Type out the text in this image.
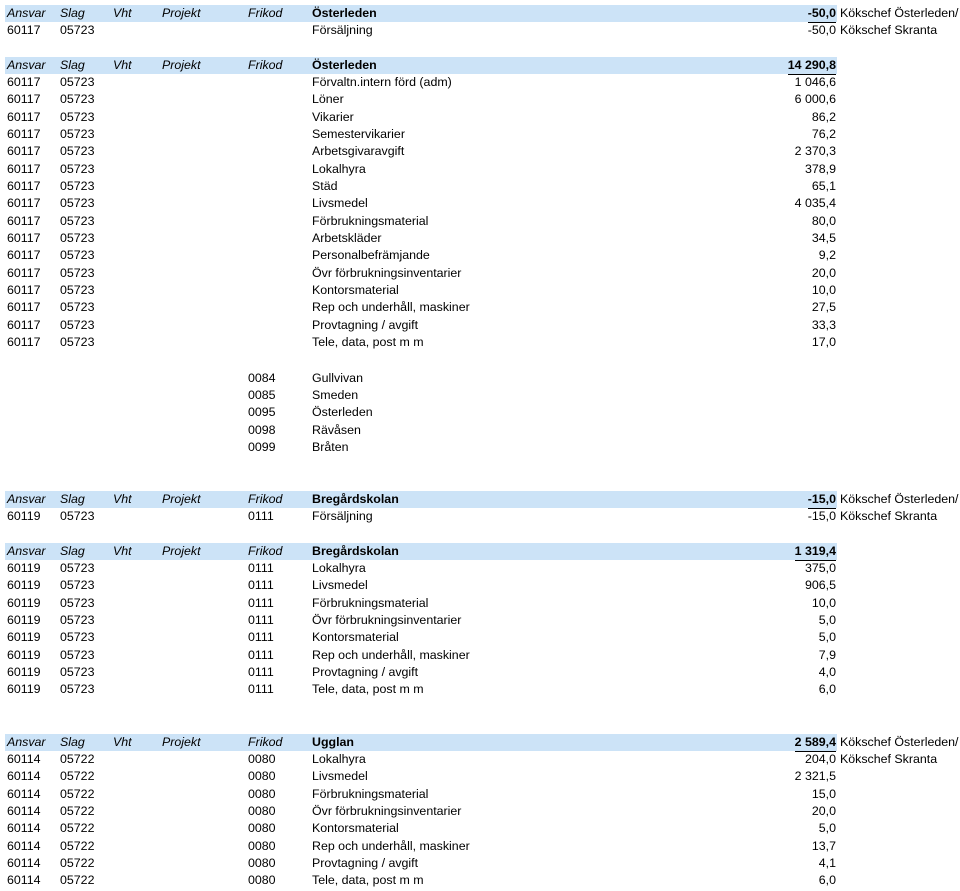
Ansvar Slag Vht Projekt	Frikod Österleden	-50,0 Kökschef Österleden/
60117 05723	Försäljning	-50,0 Kökschef Skranta
Ansvar Slag Vht Projekt	Frikod Österleden	14 290,8
60117 05723	Förvaltn.intern förd (adm)	1 046,6
60117 05723	Löner	6 000,6
60117 05723	Vikarier	86,2
60117 05723	Semestervikarier	76,2
60117 05723	Arbetsgivaravgift	2 370,3
60117 05723	Lokalhyra	378,9
60117 05723	Städ	65,1
60117 05723	Livsmedel	4 035,4
60117 05723	Förbrukningsmaterial	80,0
60117 05723	Arbetskläder	34,5
60117 05723	Personalbefrämjande	9,2
60117 05723	Övr förbrukningsinventarier	20,0
60117 05723	Kontorsmaterial	10,0
60117 05723	Rep och underhåll, maskiner	27,5
60117 05723	Provtagning / avgift	33,3
60117 05723	Tele, data, post m m	17,0
0084	Gullvivan
0085	Smeden
0095	Österleden
0098	Rävåsen
0099	Bråten
Ansvar Slag Vht Projekt	Frikod Bregårdskolan	-15,0 Kökschef Österleden/
60119 05723	0111	Försäljning	-15,0 Kökschef Skranta
Ansvar Slag Vht Projekt	Frikod Bregårdskolan	1 319,4
60119 05723	0111	Lokalhyra	375,0
60119 05723	0111	Livsmedel	906,5
60119 05723	0111	Förbrukningsmaterial	10,0
60119 05723	0111	Övr förbrukningsinventarier	5,0
60119 05723	0111	Kontorsmaterial	5,0
60119 05723	0111	Rep och underhåll, maskiner	7,9
60119 05723	0111	Provtagning / avgift	4,0
60119 05723	0111	Tele, data, post m m	6,0
Ansvar Slag Vht Projekt	Frikod Ugglan	2 589,4 Kökschef Österleden/
60114 05722	0080	Lokalhyra	204,0 Kökschef Skranta
60114 05722	0080	Livsmedel	2 321,5
60114 05722	0080	Förbrukningsmaterial	15,0
60114 05722	0080	Övr förbrukningsinventarier	20,0
60114 05722	0080	Kontorsmaterial	5,0
60114 05722	0080	Rep och underhåll, maskiner	13,7
60114 05722	0080	Provtagning / avgift	4,1
60114 05722	0080	Tele, data, post m m	6,0
